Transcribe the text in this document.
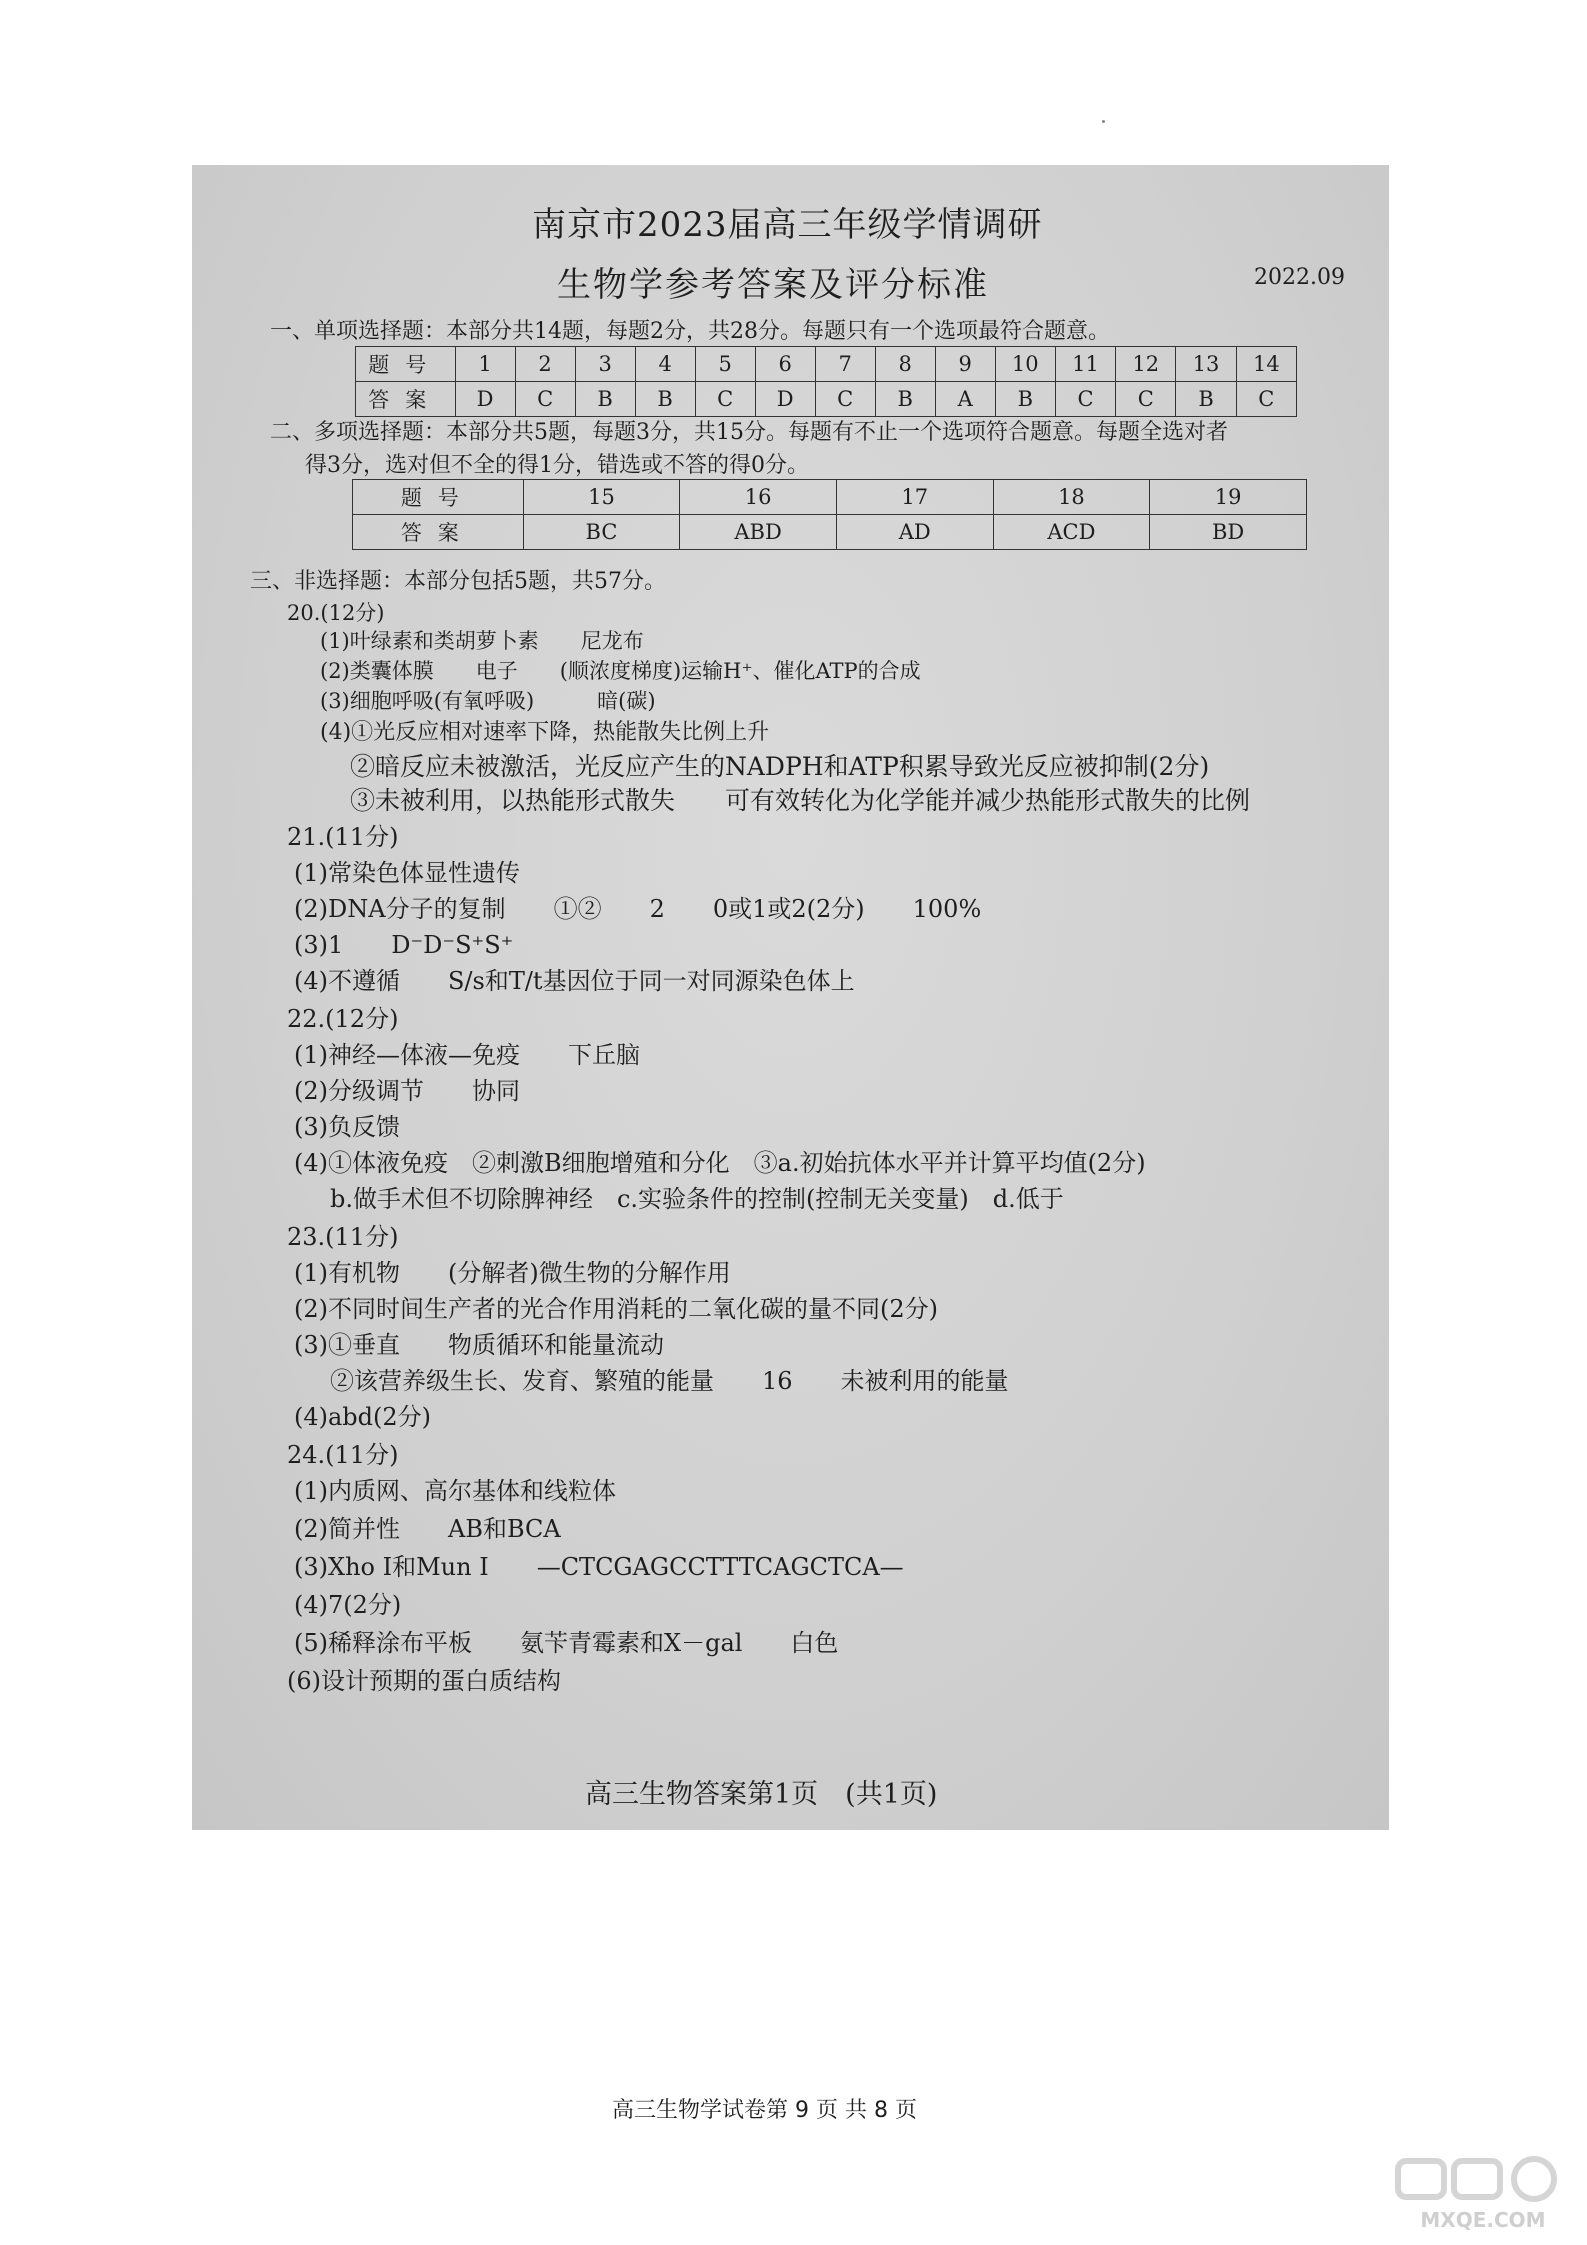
南京市2023届高三年级学情调研
生物学参考答案及评分标准	2022.09
一、单项选择题：本部分共14题，每题2分，共28分。每题只有一个选项最符合题意。
题号	1	2	3	4	5	6	7	8	9	10	11	12	13	14
答案	D	C	B	B	C	D	C	B	A	B	C	C	B	C
二、多项选择题：本部分共5题，每题3分，共15分。每题有不止一个选项符合题意。每题全选对者
得3分，选对但不全的得1分，错选或不答的得0分。
题号	15	16	17	18	19
答案	BC	ABD	AD	ACD	BD
三、非选择题：本部分包括5题，共57分。
20.(12分)
(1)叶绿素和类胡萝卜素　　尼龙布
(2)类囊体膜　　电子　　(顺浓度梯度)运输H⁺、催化ATP的合成
(3)细胞呼吸(有氧呼吸)　　　暗(碳)
(4)①光反应相对速率下降，热能散失比例上升
②暗反应未被激活，光反应产生的NADPH和ATP积累导致光反应被抑制(2分)
③未被利用，以热能形式散失　　可有效转化为化学能并减少热能形式散失的比例
21.(11分)
(1)常染色体显性遗传
(2)DNA分子的复制　　①②　　2　　0或1或2(2分)　　100%
(3)1　　D⁻D⁻S⁺S⁺
(4)不遵循　　S/s和T/t基因位于同一对同源染色体上
22.(12分)
(1)神经—体液—免疫　　下丘脑
(2)分级调节　　协同
(3)负反馈
(4)①体液免疫　②刺激B细胞增殖和分化　③a.初始抗体水平并计算平均值(2分)
b.做手术但不切除脾神经　c.实验条件的控制(控制无关变量)　d.低于
23.(11分)
(1)有机物　　(分解者)微生物的分解作用
(2)不同时间生产者的光合作用消耗的二氧化碳的量不同(2分)
(3)①垂直　　物质循环和能量流动
②该营养级生长、发育、繁殖的能量　　16　　未被利用的能量
(4)abd(2分)
24.(11分)
(1)内质网、高尔基体和线粒体
(2)简并性　　AB和BCA
(3)Xho Ⅰ和Mun Ⅰ　　—CTCGAGCCTTTCAGCTCA—
(4)7(2分)
(5)稀释涂布平板　　氨苄青霉素和X－gal　　白色
(6)设计预期的蛋白质结构
高三生物答案第1页　(共1页)
高三生物学试卷第 9 页 共 8 页
MXQE.COM
